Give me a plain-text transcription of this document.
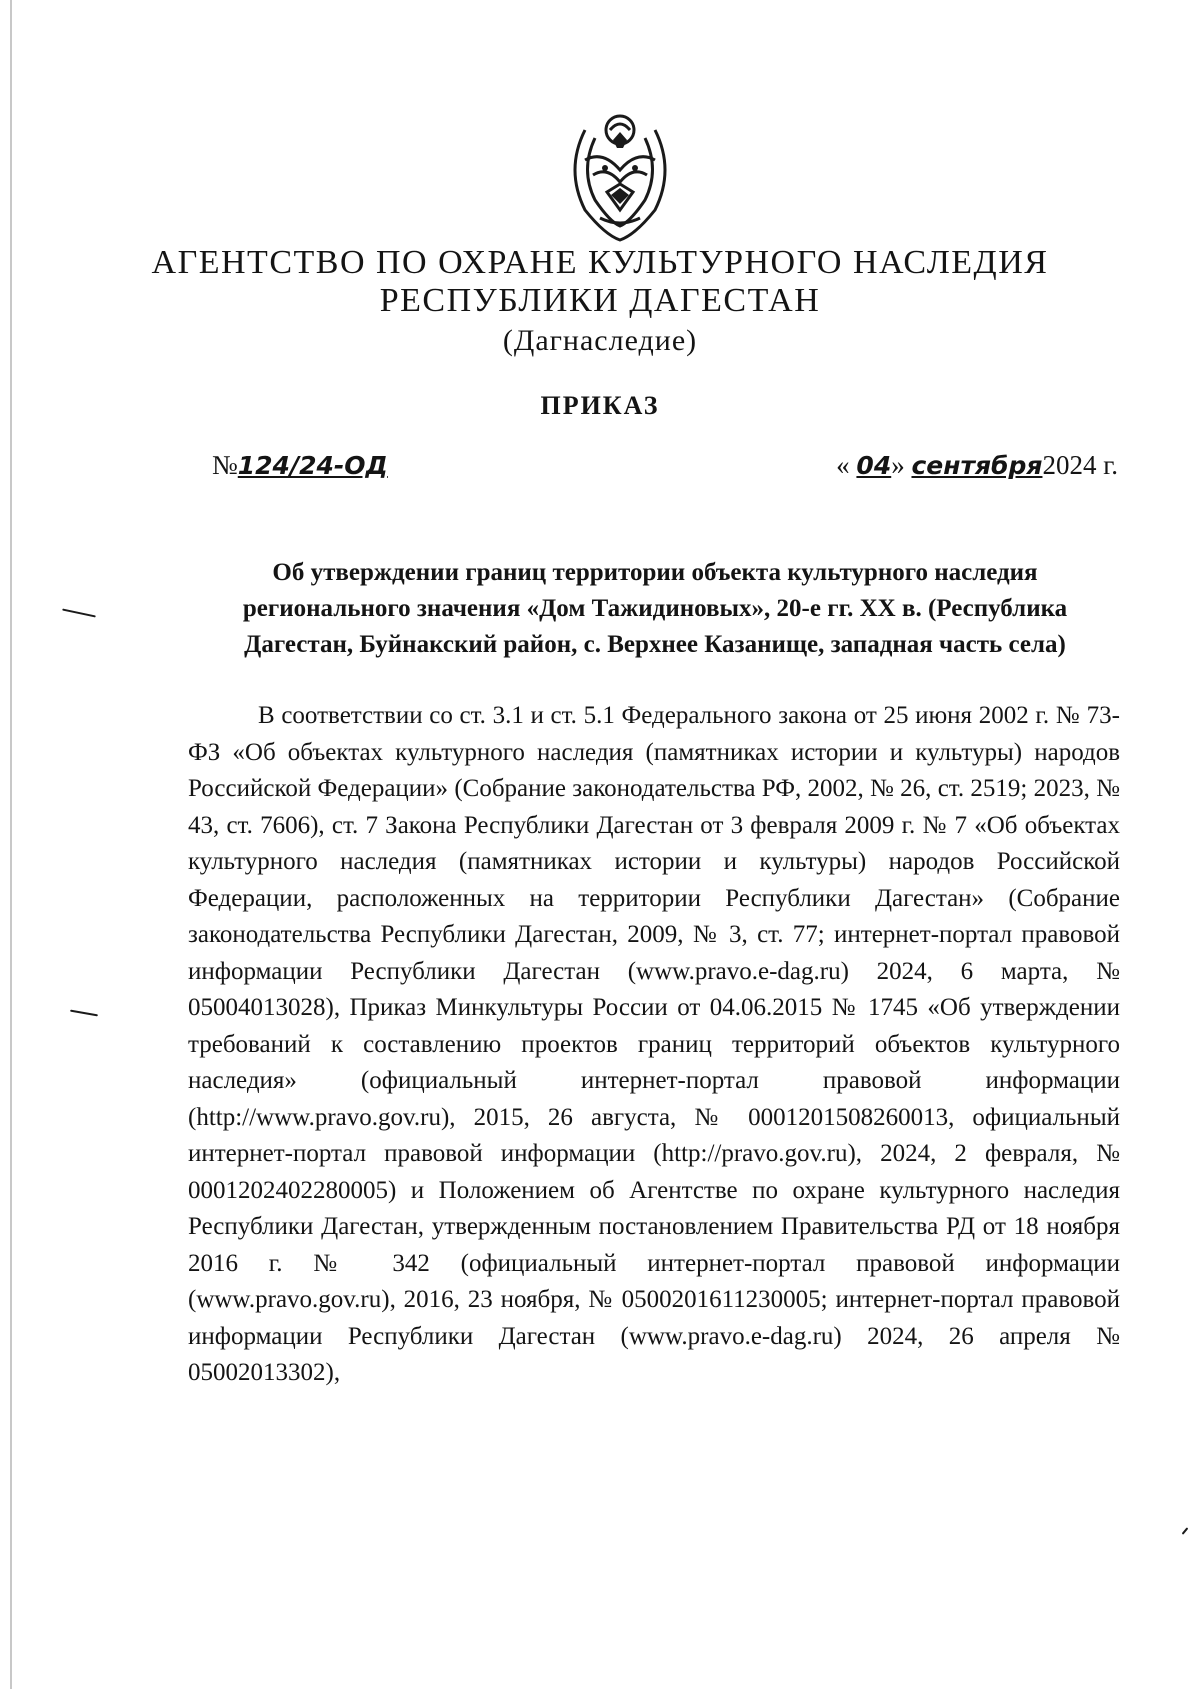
АГЕНТСТВО ПО ОХРАНЕ КУЛЬТУРНОГО НАСЛЕДИЯ
РЕСПУБЛИКИ ДАГЕСТАН
(Дагнаследие)
ПРИКАЗ
№124/24-ОД	« 04» сентября2024 г.
Об утверждении границ территории объекта культурного наследия регионального значения «Дом Тажидиновых», 20-е гг. XX в. (Республика Дагестан, Буйнакский район, с. Верхнее Казанище, западная часть села)

В соответствии со ст. 3.1 и ст. 5.1 Федерального закона от 25 июня 2002 г. № 73-ФЗ «Об объектах культурного наследия (памятниках истории и культуры) народов Российской Федерации» (Собрание законодательства РФ, 2002, № 26, ст. 2519; 2023, № 43, ст. 7606), ст. 7 Закона Республики Дагестан от 3 февраля 2009 г. № 7 «Об объектах культурного наследия (памятниках истории и культуры) народов Российской Федерации, расположенных на территории Республики Дагестан» (Собрание законодательства Республики Дагестан, 2009, № 3, ст. 77; интернет-портал правовой информации Республики Дагестан (www.pravo.e-dag.ru) 2024, 6 марта, № 05004013028), Приказ Минкультуры России от 04.06.2015 № 1745 «Об утверждении требований к составлению проектов границ территорий объектов культурного наследия» (официальный интернет-портал правовой информации (http://www.pravo.gov.ru), 2015, 26 августа, № 0001201508260013, официальный интернет-портал правовой информации (http://pravo.gov.ru), 2024, 2 февраля, № 0001202402280005) и Положением об Агентстве по охране культурного наследия Республики Дагестан, утвержденным постановлением Правительства РД от 18 ноября 2016 г. № 342 (официальный интернет-портал правовой информации (www.pravo.gov.ru), 2016, 23 ноября, № 0500201611230005; интернет-портал правовой информации Республики Дагестан (www.pravo.e-dag.ru) 2024, 26 апреля № 05002013302),
